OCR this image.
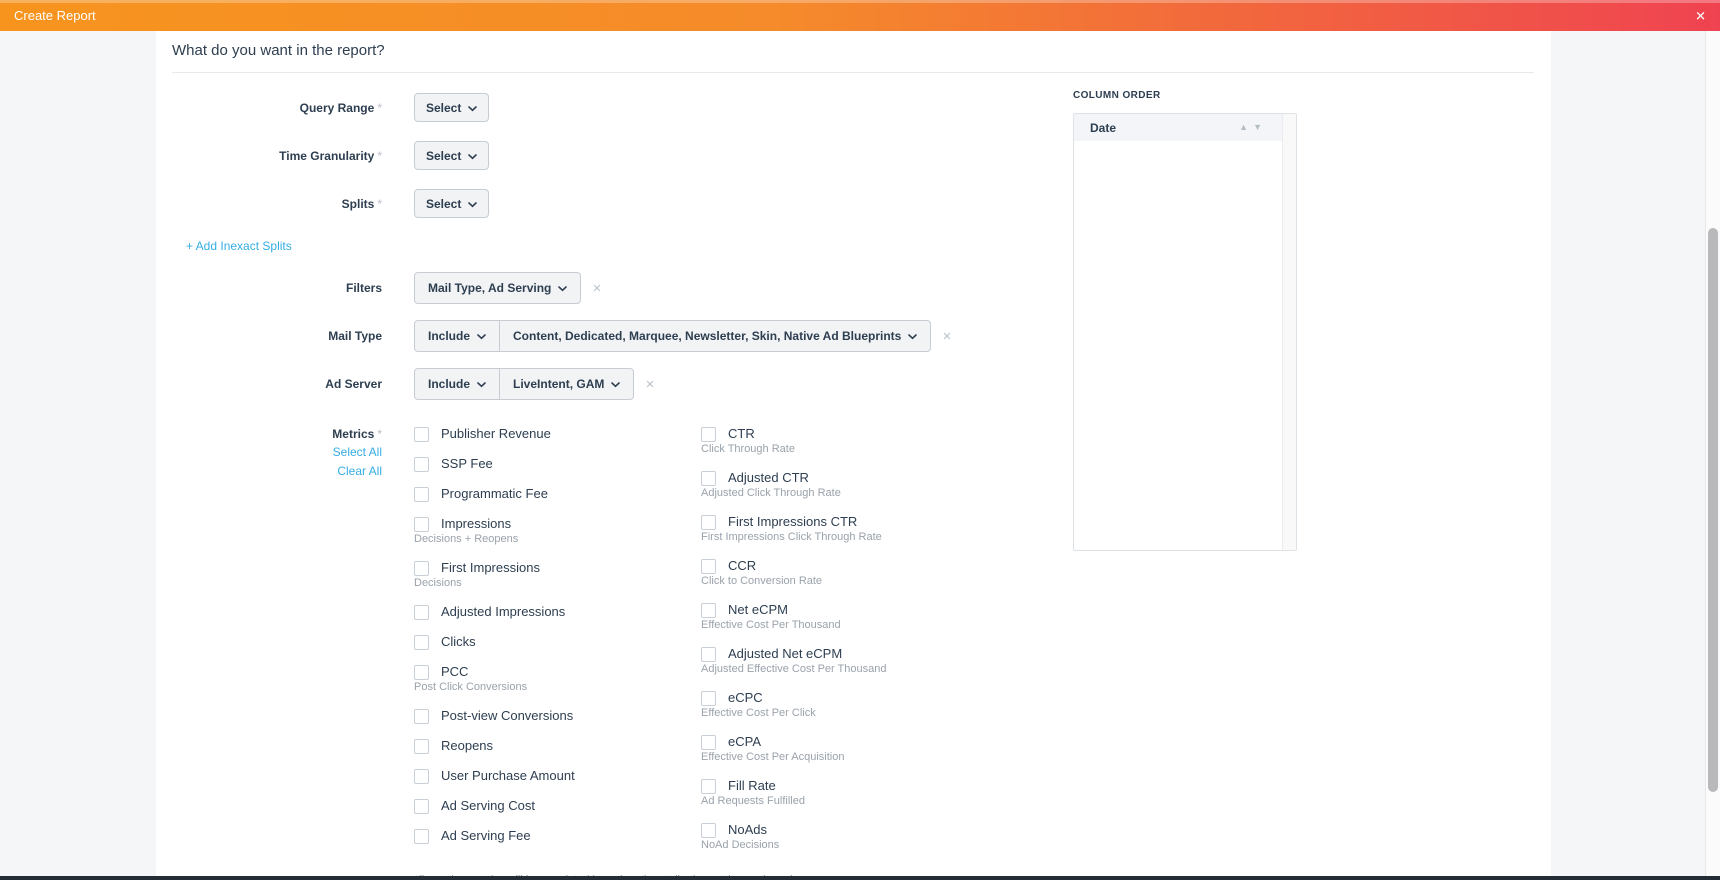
Create Report	✕
What do you want in the report?
Query Range *	Select
Time Granularity *	Select
Splits *	Select
+ Add Inexact Splits
Filters	Mail Type, Ad Serving	✕
Mail Type	Include	Content, Dedicated, Marquee, Newsletter, Skin, Native Ad Blueprints	✕
Ad Server	Include	LiveIntent, GAM	✕
Metrics *
Select All
Clear All
Publisher Revenue
SSP Fee
Programmatic Fee
Impressions
Decisions + Reopens
First Impressions
Decisions
Adjusted Impressions
Clicks
PCC
Post Click Conversions
Post-view Conversions
Reopens
User Purchase Amount
Ad Serving Cost
Ad Serving Fee
CTR
Click Through Rate
Adjusted CTR
Adjusted Click Through Rate
First Impressions CTR
First Impressions Click Through Rate
CCR
Click to Conversion Rate
Net eCPM
Effective Cost Per Thousand
Adjusted Net eCPM
Adjusted Effective Cost Per Thousand
eCPC
Effective Cost Per Click
eCPA
Effective Cost Per Acquisition
Fill Rate
Ad Requests Fulfilled
NoAds
NoAd Decisions
COLUMN ORDER
Date	▲ ▼
